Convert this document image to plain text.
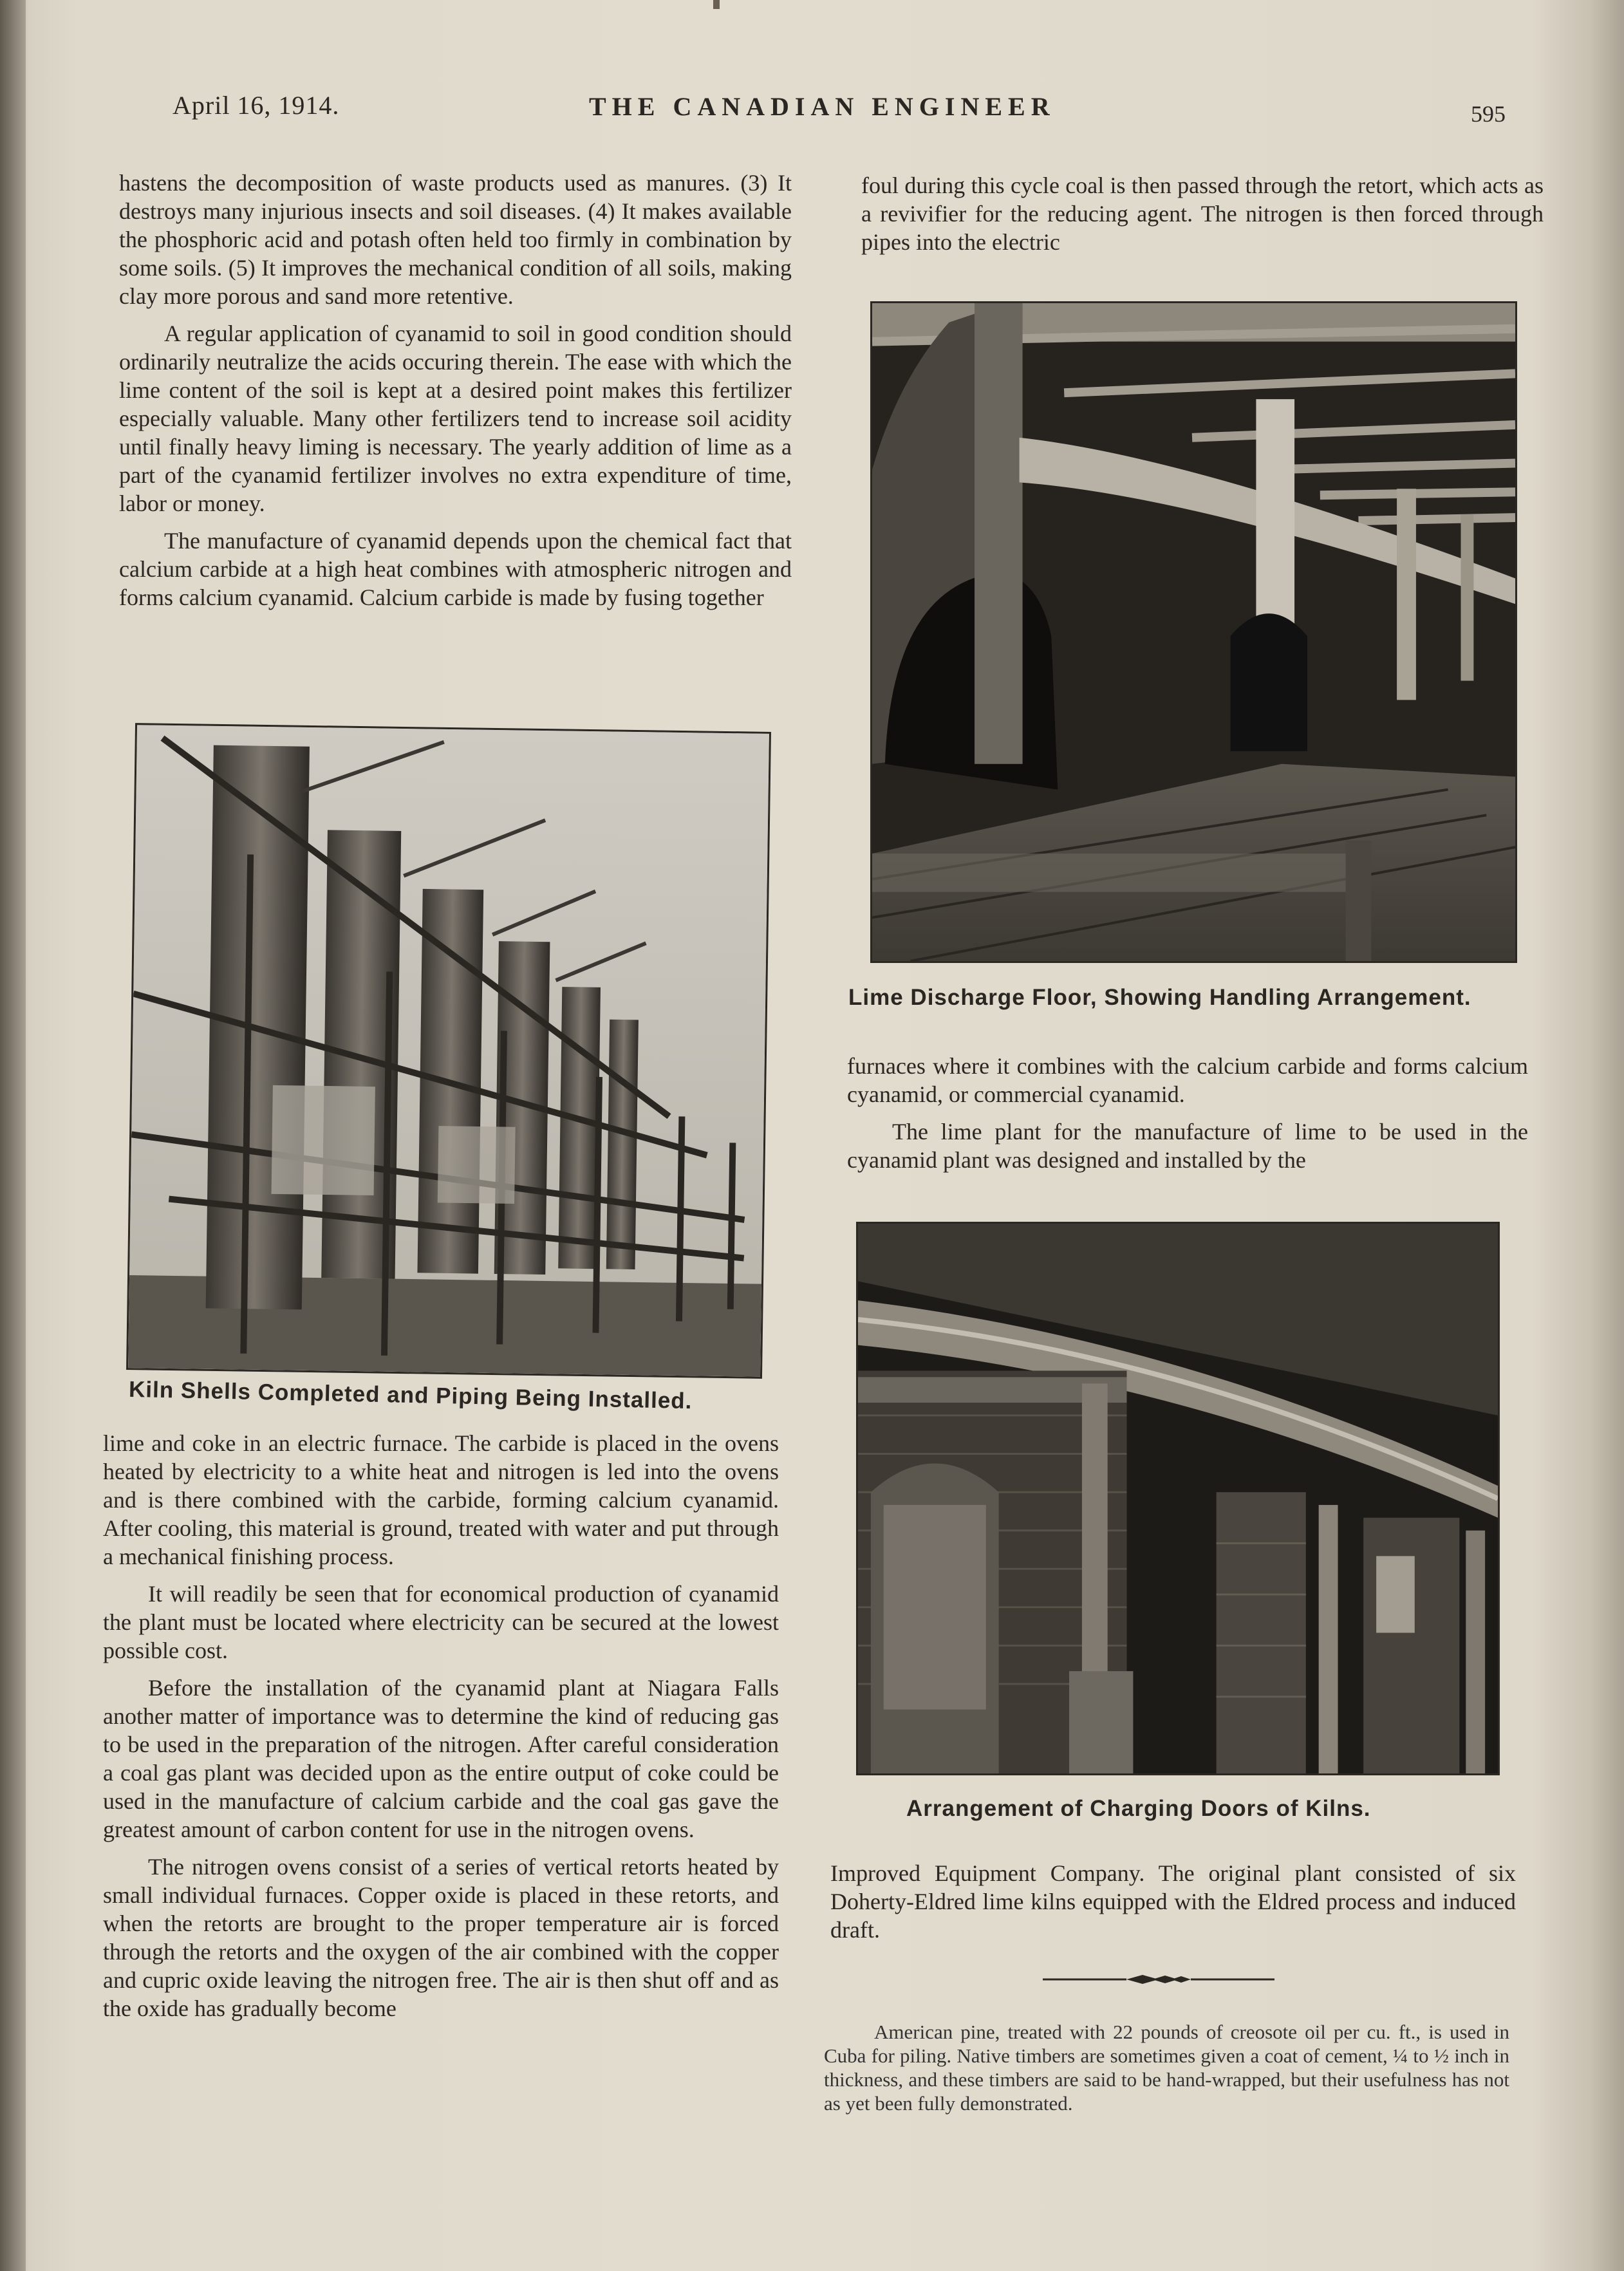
April 16, 1914.	THE CANADIAN ENGINEER	595

hastens the decomposition of waste products used as manures. (3) It destroys many injurious insects and soil diseases. (4) It makes available the phosphoric acid and potash often held too firmly in combination by some soils. (5) It improves the mechanical condition of all soils, making clay more porous and sand more retentive.

A regular application of cyanamid to soil in good condition should ordinarily neutralize the acids occuring therein. The ease with which the lime content of the soil is kept at a desired point makes this fertilizer especially valuable. Many other fertilizers tend to increase soil acidity until finally heavy liming is necessary. The yearly addition of lime as a part of the cyanamid fertilizer involves no extra expenditure of time, labor or money.

The manufacture of cyanamid depends upon the chemical fact that calcium carbide at a high heat combines with atmospheric nitrogen and forms calcium cyanamid. Calcium carbide is made by fusing together

Kiln Shells Completed and Piping Being Installed.

lime and coke in an electric furnace. The carbide is placed in the ovens heated by electricity to a white heat and nitrogen is led into the ovens and is there combined with the carbide, forming calcium cyanamid. After cooling, this material is ground, treated with water and put through a mechanical finishing process.

It will readily be seen that for economical production of cyanamid the plant must be located where electricity can be secured at the lowest possible cost.

Before the installation of the cyanamid plant at Niagara Falls another matter of importance was to determine the kind of reducing gas to be used in the preparation of the nitrogen. After careful consideration a coal gas plant was decided upon as the entire output of coke could be used in the manufacture of calcium carbide and the coal gas gave the greatest amount of carbon content for use in the nitrogen ovens.

The nitrogen ovens consist of a series of vertical retorts heated by small individual furnaces. Copper oxide is placed in these retorts, and when the retorts are brought to the proper temperature air is forced through the retorts and the oxygen of the air combined with the copper and cupric oxide leaving the nitrogen free. The air is then shut off and as the oxide has gradually become

foul during this cycle coal is then passed through the retort, which acts as a revivifier for the reducing agent. The nitrogen is then forced through pipes into the electric

Lime Discharge Floor, Showing Handling Arrangement.

furnaces where it combines with the calcium carbide and forms calcium cyanamid, or commercial cyanamid.

The lime plant for the manufacture of lime to be used in the cyanamid plant was designed and installed by the

Arrangement of Charging Doors of Kilns.

Improved Equipment Company. The original plant consisted of six Doherty-Eldred lime kilns equipped with the Eldred process and induced draft.

American pine, treated with 22 pounds of creosote oil per cu. ft., is used in Cuba for piling. Native timbers are sometimes given a coat of cement, ¼ to ½ inch in thickness, and these timbers are said to be hand-wrapped, but their usefulness has not as yet been fully demonstrated.
